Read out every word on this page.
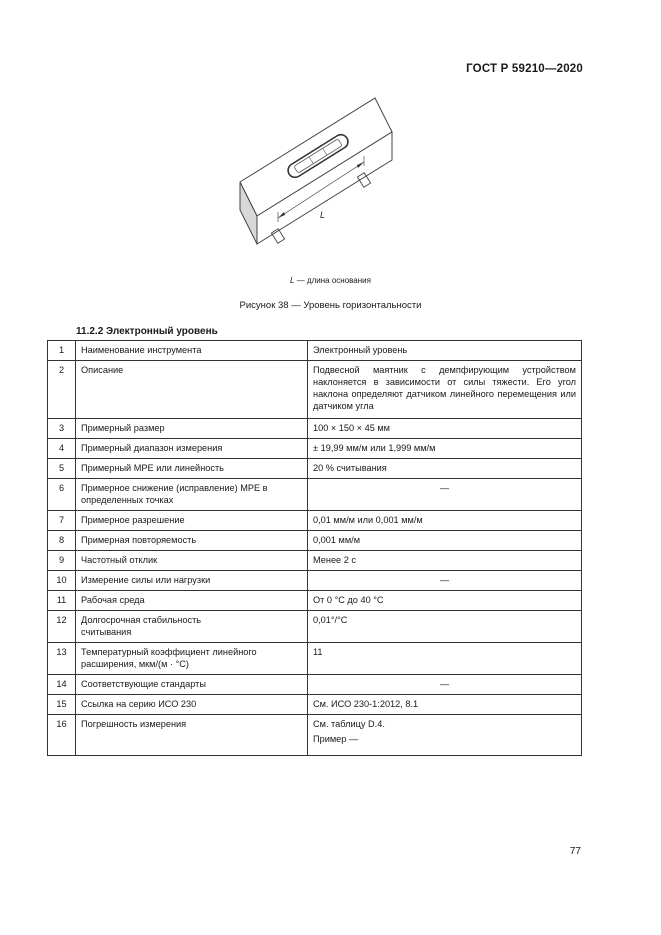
ГОСТ Р 59210—2020
L
L — длина основания
Рисунок 38 — Уровень горизонтальности
11.2.2 Электронный уровень
1	Наименование инструмента	Электронный уровень
2	Описание	Подвесной маятник с демпфирующим устройством наклоняется в зависимости от силы тяжести. Его угол наклона определяют датчиком линейного перемещения или датчиком угла
3	Примерный размер	100 × 150 × 45 мм
4	Примерный диапазон измерения	± 19,99 мм/м или 1,999 мм/м
5	Примерный МРЕ или линейность	20 % считывания
6	Примерное снижение (исправление) МРЕ в определенных точках	—
7	Примерное разрешение	0,01 мм/м или 0,001 мм/м
8	Примерная повторяемость	0,001 мм/м
9	Частотный отклик	Менее 2 с
10	Измерение силы или нагрузки	—
11	Рабочая среда	От 0 °С до 40 °С
12	Долгосрочная стабильность считывания	0,01°/°С
13	Температурный коэффициент линейного расширения, мкм/(м · °С)	11
14	Соответствующие стандарты	—
15	Ссылка на серию ИСО 230	См. ИСО 230-1:2012, 8.1
16	Погрешность измерения	См. таблицу D.4.
Пример —
77
